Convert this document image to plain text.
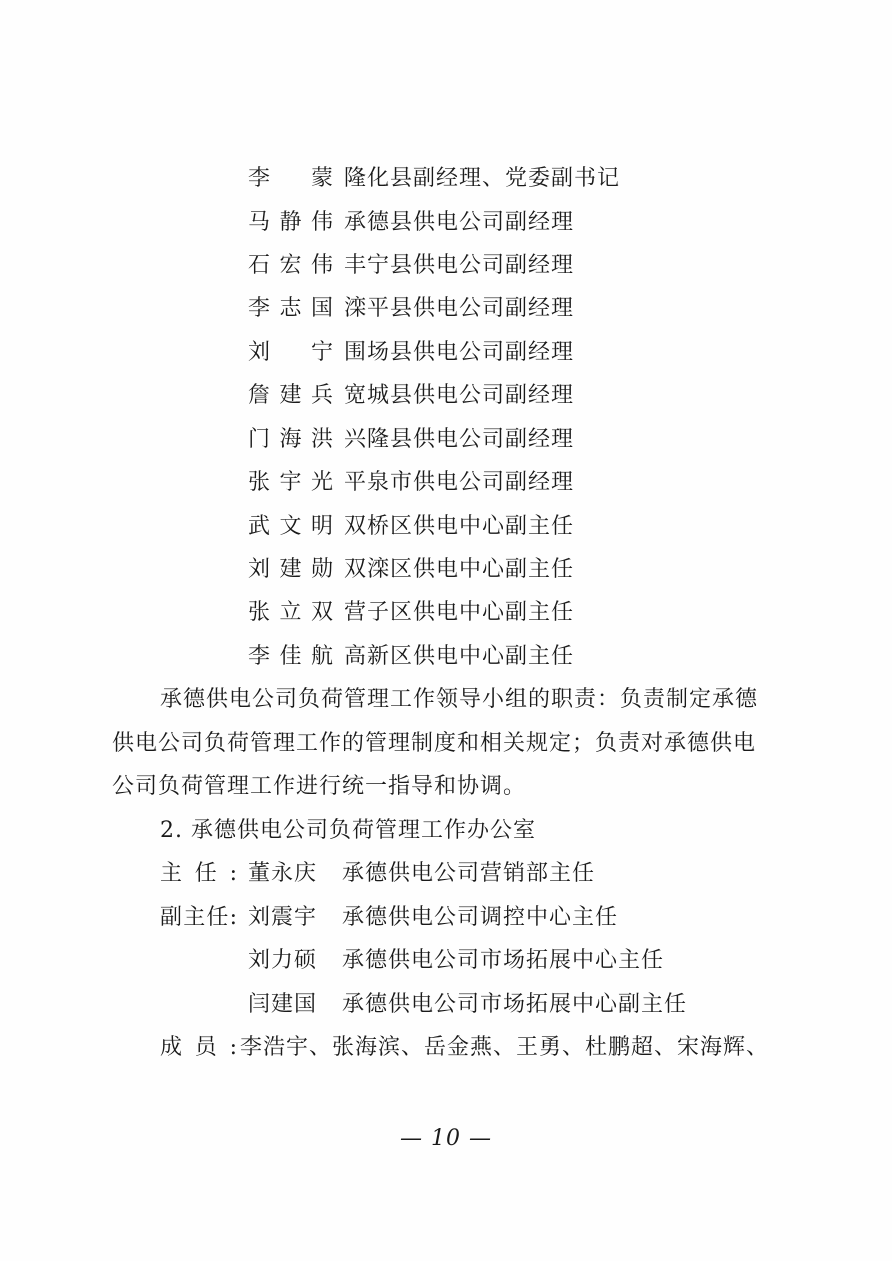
李蒙 隆化县副经理、党委副书记
马静伟 承德县供电公司副经理
石宏伟 丰宁县供电公司副经理
李志国 滦平县供电公司副经理
刘宁 围场县供电公司副经理
詹建兵 宽城县供电公司副经理
门海洪 兴隆县供电公司副经理
张宇光 平泉市供电公司副经理
武文明 双桥区供电中心副主任
刘建勋 双滦区供电中心副主任
张立双 营子区供电中心副主任
李佳航 高新区供电中心副主任
承德供电公司负荷管理工作领导小组的职责：负责制定承德
供电公司负荷管理工作的管理制度和相关规定；负责对承德供电
公司负荷管理工作进行统一指导和协调。
2. 承德供电公司负荷管理工作办公室
主任: 董永庆 承德供电公司营销部主任
副主任: 刘震宇 承德供电公司调控中心主任
刘力硕 承德供电公司市场拓展中心主任
闫建国 承德供电公司市场拓展中心副主任
成员:李浩宇、张海滨、岳金燕、王勇、杜鹏超、宋海辉、
— 10 —
